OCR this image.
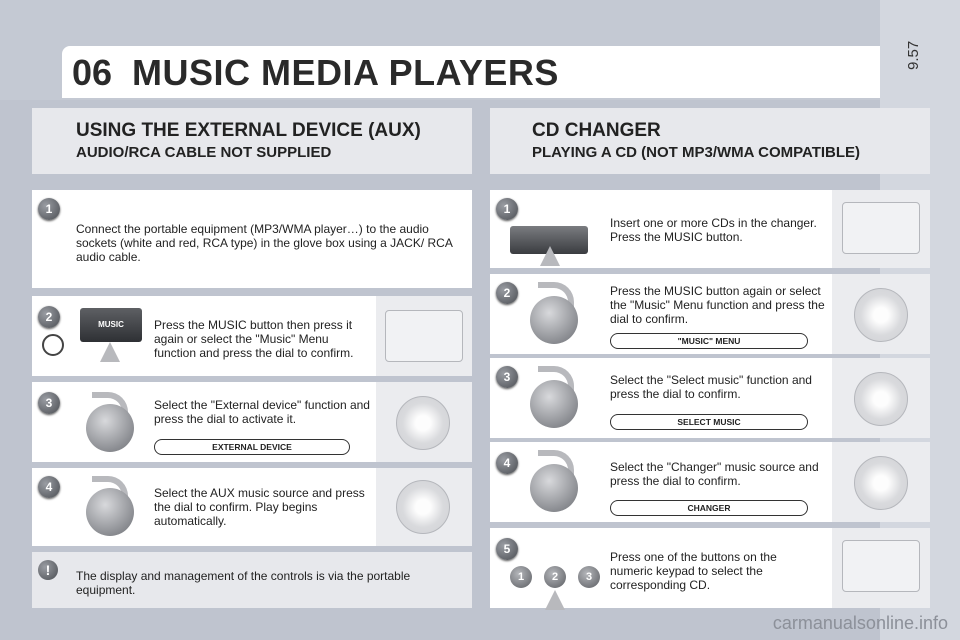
9.57
06 MUSIC MEDIA PLAYERS
USING THE EXTERNAL DEVICE (AUX)
AUDIO/RCA CABLE NOT SUPPLIED
1
Connect the portable equipment (MP3/WMA player…) to the audio sockets (white and red, RCA type) in the glove box using a JACK/ RCA audio cable.
2
MUSIC	Press the MUSIC button then press it again or select the "Music" Menu function and press the dial to confirm.
3	Select the "External device" function and press the dial to activate it.
EXTERNAL DEVICE
4	Select the AUX music source and press the dial to confirm. Play begins automatically.
!	The display and management of the controls is via the portable equipment.
CD CHANGER
PLAYING A CD (NOT MP3/WMA COMPATIBLE)
1
Insert one or more CDs in the changer. Press the MUSIC button.
2	Press the MUSIC button again or select the "Music" Menu function and press the dial to confirm.
"MUSIC" MENU
3	Select the "Select music" function and press the dial to confirm.
SELECT MUSIC
4	Select the "Changer" music source and press the dial to confirm.
CHANGER
5
1	2	3
Press one of the buttons on the numeric keypad to select the corresponding CD.
carmanualsonline.info
